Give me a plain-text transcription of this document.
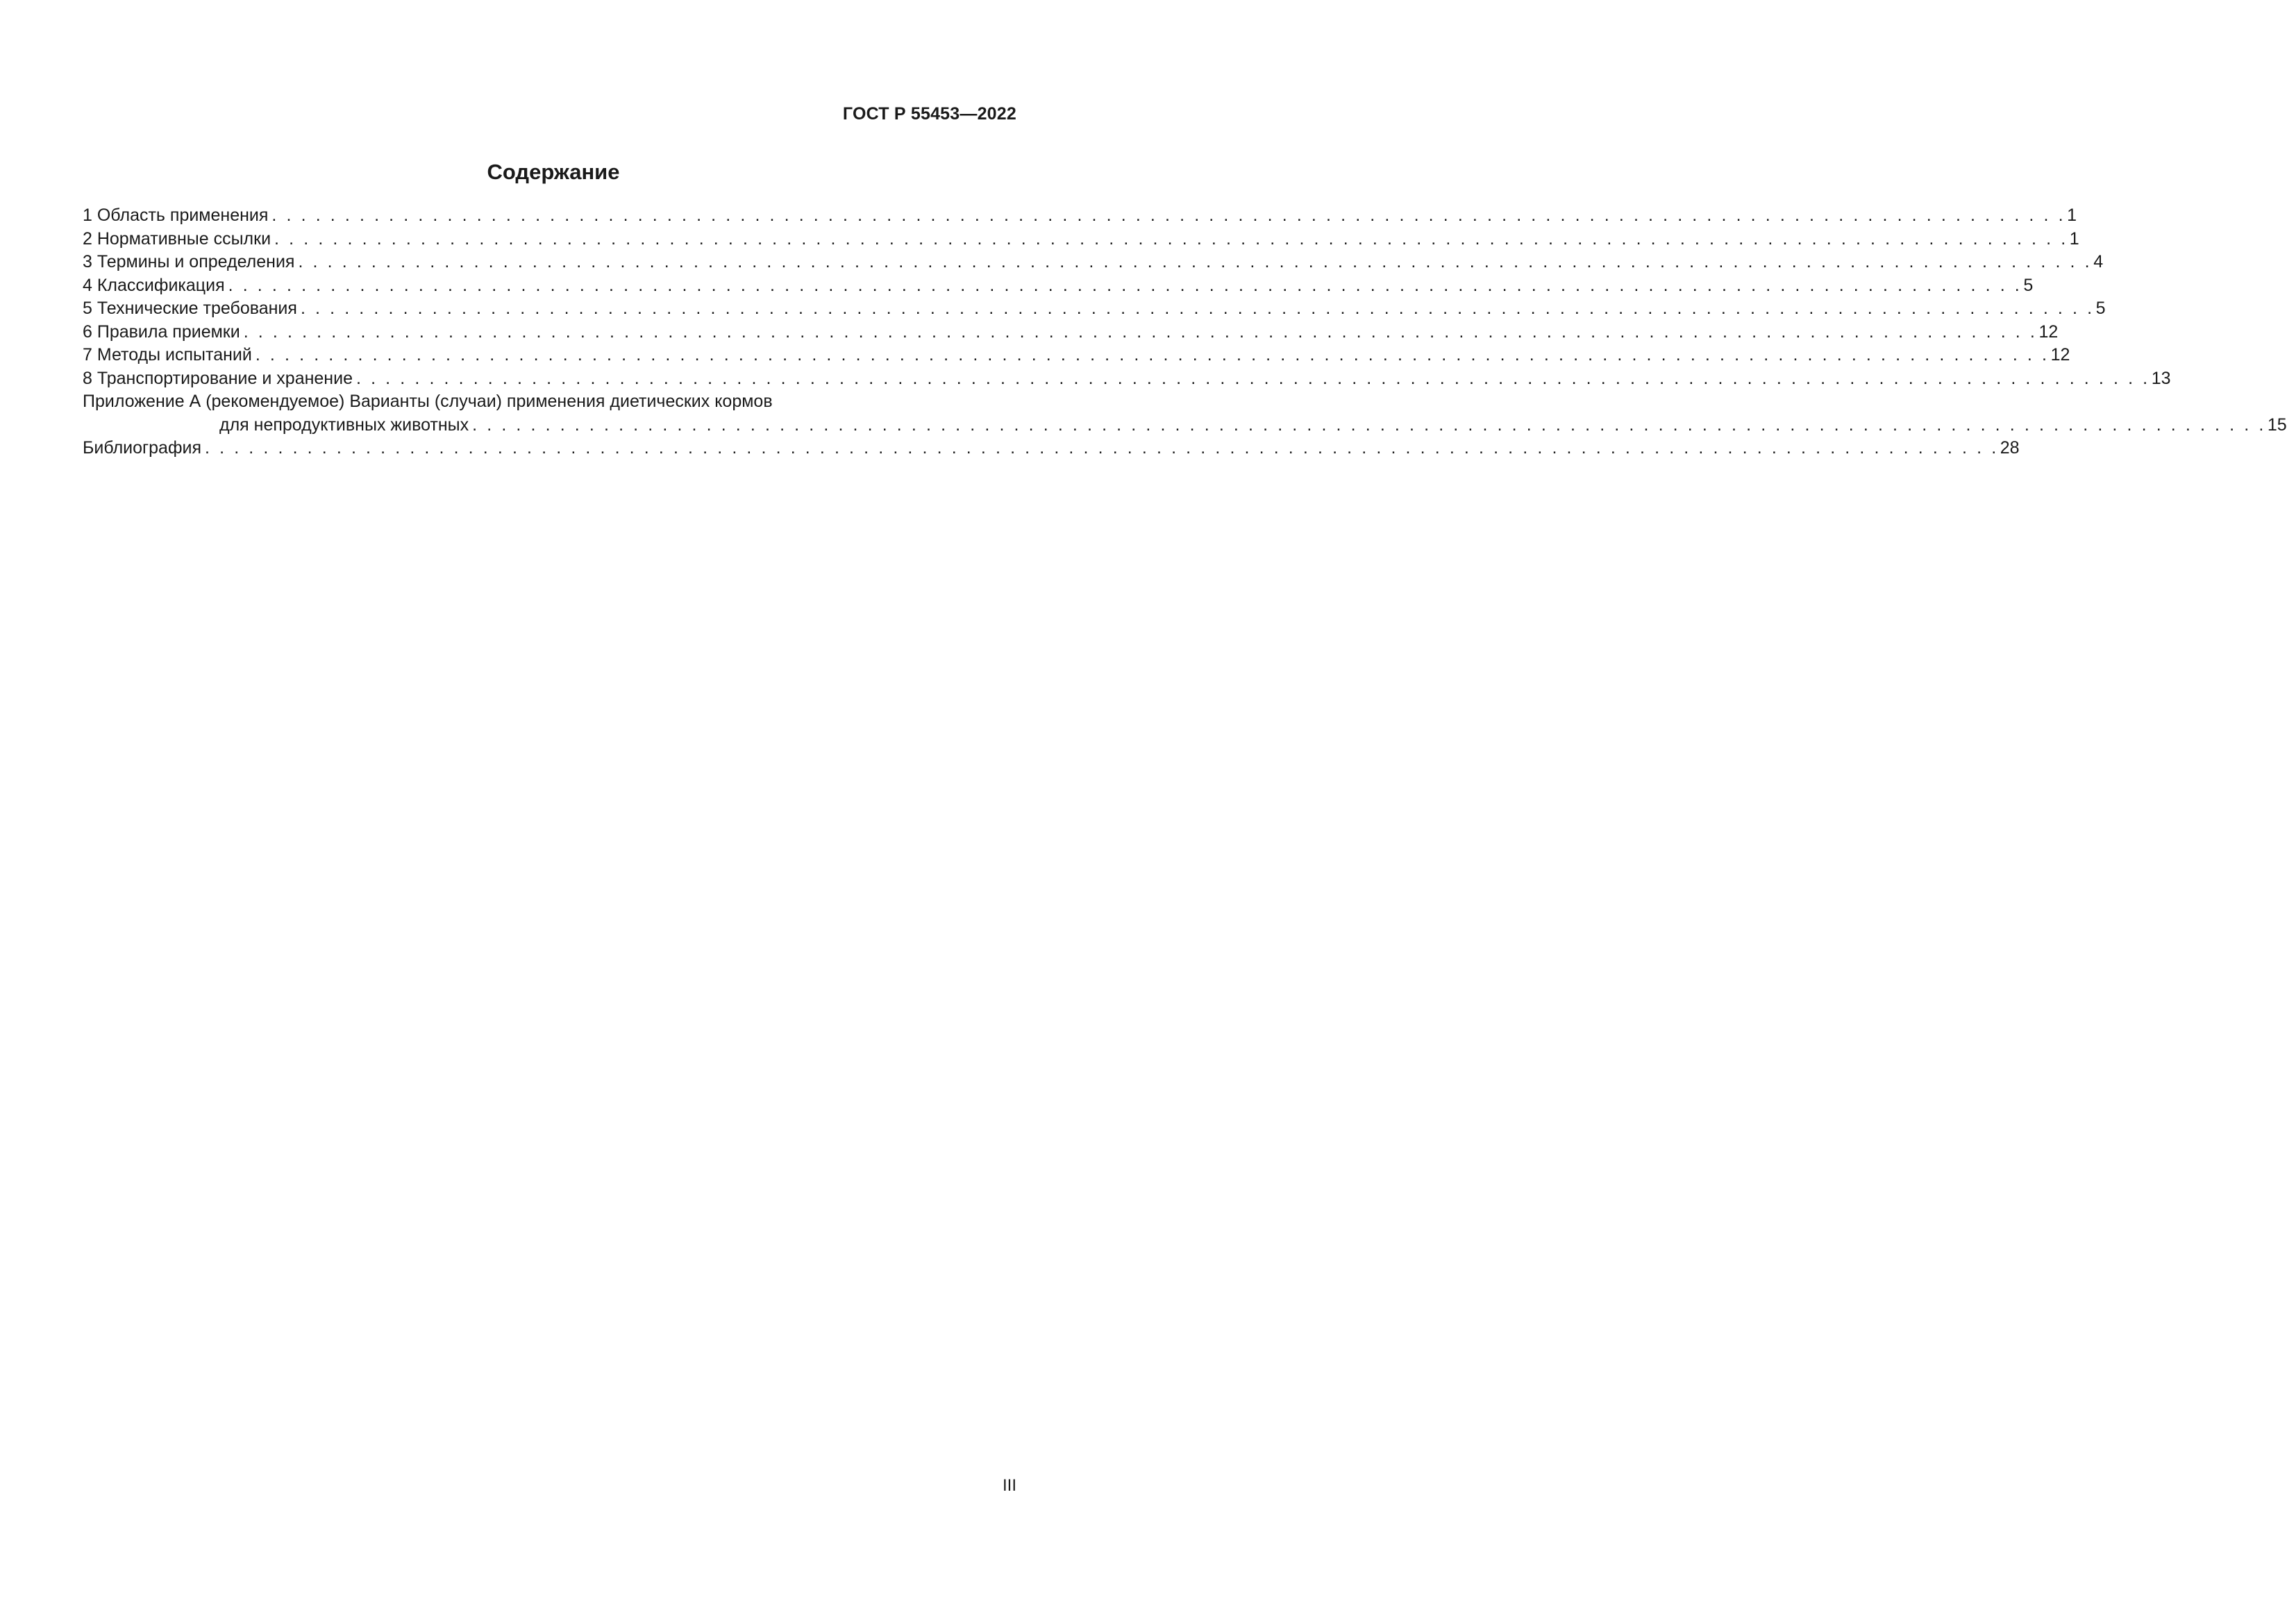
ГОСТ Р 55453—2022
Содержание
1 Область применения . . . . . . . . . . . . . . . . . . . . . . . . . . . . . . . . . . . . . . . . . . . . . . . . . . . . . . . . . . . . . . . . . . . . . . . . . . . . . . . . . . . . . . . . . . . . . . . . . . . . . . . . . . . . . . . . . . . . . . . . . . . 1
2 Нормативные ссылки . . . . . . . . . . . . . . . . . . . . . . . . . . . . . . . . . . . . . . . . . . . . . . . . . . . . . . . . . . . . . . . . . . . . . . . . . . . . . . . . . . . . . . . . . . . . . . . . . . . . . . . . . . . . . . . . . . . . . . . . . . . 1
3 Термины и определения . . . . . . . . . . . . . . . . . . . . . . . . . . . . . . . . . . . . . . . . . . . . . . . . . . . . . . . . . . . . . . . . . . . . . . . . . . . . . . . . . . . . . . . . . . . . . . . . . . . . . . . . . . . . . . . . . . . . . . . . . . . 4
4 Классификация . . . . . . . . . . . . . . . . . . . . . . . . . . . . . . . . . . . . . . . . . . . . . . . . . . . . . . . . . . . . . . . . . . . . . . . . . . . . . . . . . . . . . . . . . . . . . . . . . . . . . . . . . . . . . . . . . . . . . . . . . . . 5
5 Технические требования . . . . . . . . . . . . . . . . . . . . . . . . . . . . . . . . . . . . . . . . . . . . . . . . . . . . . . . . . . . . . . . . . . . . . . . . . . . . . . . . . . . . . . . . . . . . . . . . . . . . . . . . . . . . . . . . . . . . . . . . . . . 5
6 Правила приемки . . . . . . . . . . . . . . . . . . . . . . . . . . . . . . . . . . . . . . . . . . . . . . . . . . . . . . . . . . . . . . . . . . . . . . . . . . . . . . . . . . . . . . . . . . . . . . . . . . . . . . . . . . . . . . . . . . . . . . . . . . . 12
7 Методы испытаний . . . . . . . . . . . . . . . . . . . . . . . . . . . . . . . . . . . . . . . . . . . . . . . . . . . . . . . . . . . . . . . . . . . . . . . . . . . . . . . . . . . . . . . . . . . . . . . . . . . . . . . . . . . . . . . . . . . . . . . . . . . 12
8 Транспортирование и хранение . . . . . . . . . . . . . . . . . . . . . . . . . . . . . . . . . . . . . . . . . . . . . . . . . . . . . . . . . . . . . . . . . . . . . . . . . . . . . . . . . . . . . . . . . . . . . . . . . . . . . . . . . . . . . . . . . . . . . . . . . . . 13
Приложение А (рекомендуемое) Варианты (случаи) применения диетических кормов
для непродуктивных животных . . . . . . . . . . . . . . . . . . . . . . . . . . . . . . . . . . . . . . . . . . . . . . . . . . . . . . . . . . . . . . . . . . . . . . . . . . . . . . . . . . . . . . . . . . . . . . . . . . . . . . . . . . . . . . . . . . . . . . . . . . . 15
Библиография . . . . . . . . . . . . . . . . . . . . . . . . . . . . . . . . . . . . . . . . . . . . . . . . . . . . . . . . . . . . . . . . . . . . . . . . . . . . . . . . . . . . . . . . . . . . . . . . . . . . . . . . . . . . . . . . . . . . . . . . . . . 28
III
